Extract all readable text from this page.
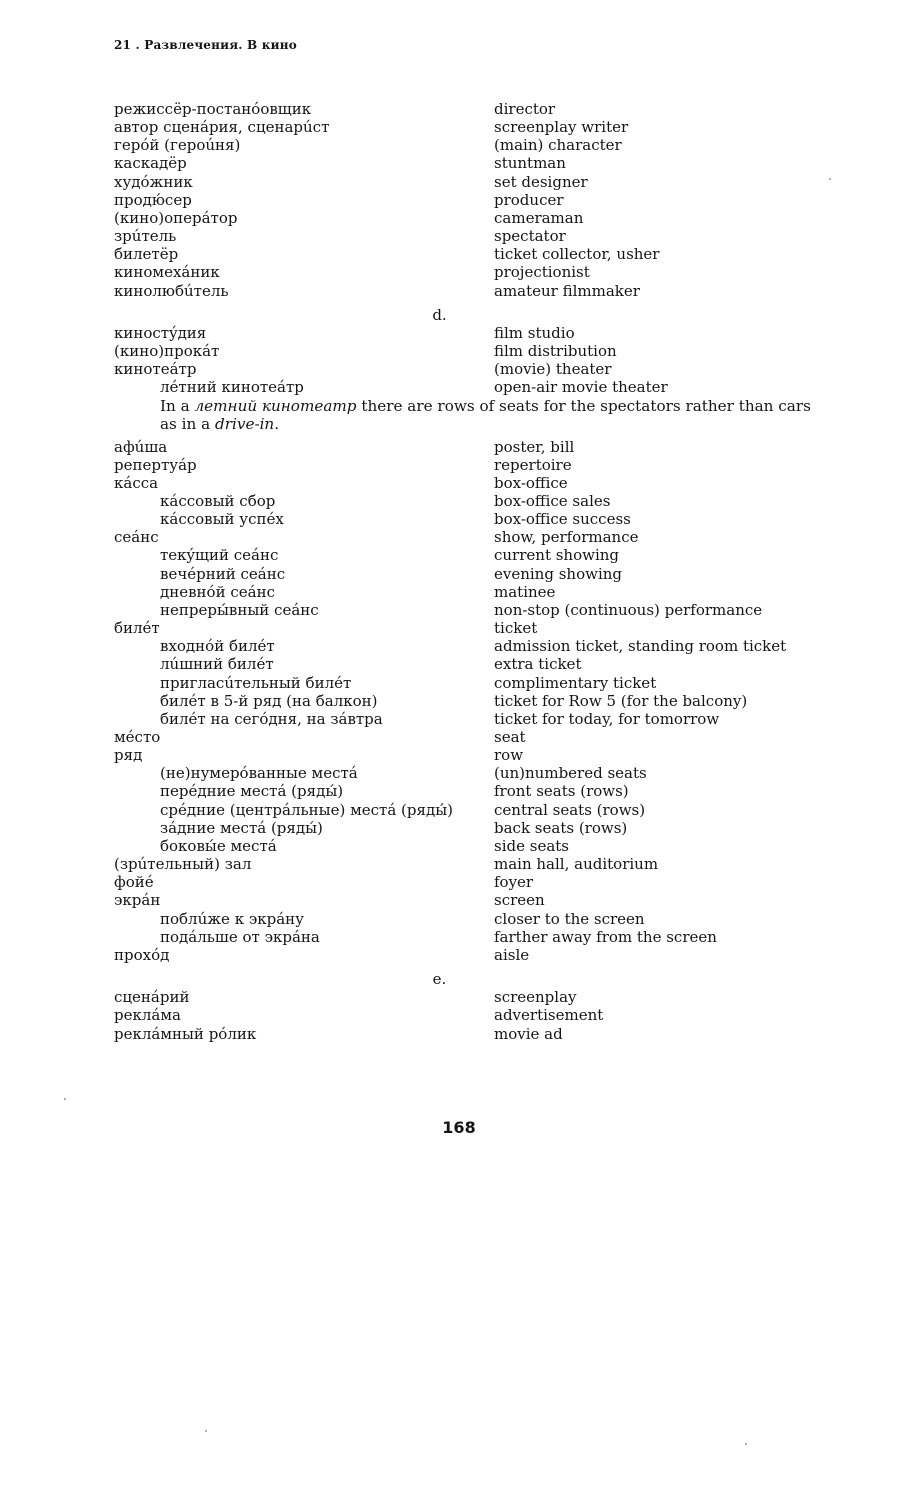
21 . Развлечения. В кино
режиссёр-постанóовщик	director
автор сценáрия, сценарúст	screenplay writer
герóй (героúня)	(main) character
каскадёр	stuntman
худóжник	set designer
продю́сер	producer
(кино)оперáтор	cameraman
зрúтель	spectator
билетёр	ticket collector, usher
киномехáник	projectionist
кинолюбúтель	amateur filmmaker
d.
киностýдия	film studio
(кино)прокáт	film distribution
кинотеáтр	(movie) theater
лéтний кинотеáтр	open-air movie theater
In a летний кинотеатр there are rows of seats for the spectators rather than cars as in a drive-in.
афúша	poster, bill
репертуáр	repertoire
кáсса	box-office
кáссовый сбор	box-office sales
кáссовый успéх	box-office success
сеáнс	show, performance
текýщий сеáнс	current showing
вечéрний сеáнс	evening showing
дневнóй сеáнс	matinee
непреры́вный сеáнс	non-stop (continuous) performance
билéт	ticket
входнóй билéт	admission ticket, standing room ticket
лúшний билéт	extra ticket
пригласúтельный билéт	complimentary ticket
билéт в 5-й ряд (на балкон)	ticket for Row 5 (for the balcony)
билéт на сегóдня, на зáвтра	ticket for today, for tomorrow
мéсто	seat
ряд	row
(не)нумерóванные местá	(un)numbered seats
перéдние местá (ряды́)	front seats (rows)
срéдние (центрáльные) местá (ряды́)	central seats (rows)
зáдние местá (ряды́)	back seats (rows)
боковы́е местá	side seats
(зрúтельный) зал	main hall, auditorium
фойé	foyer
экрáн	screen
поблúже к экрáну	closer to the screen
подáльше от экрáна	farther away from the screen
прохóд	aisle
e.
сценáрий	screenplay
реклáма	advertisement
реклáмный рóлик	movie ad
168
